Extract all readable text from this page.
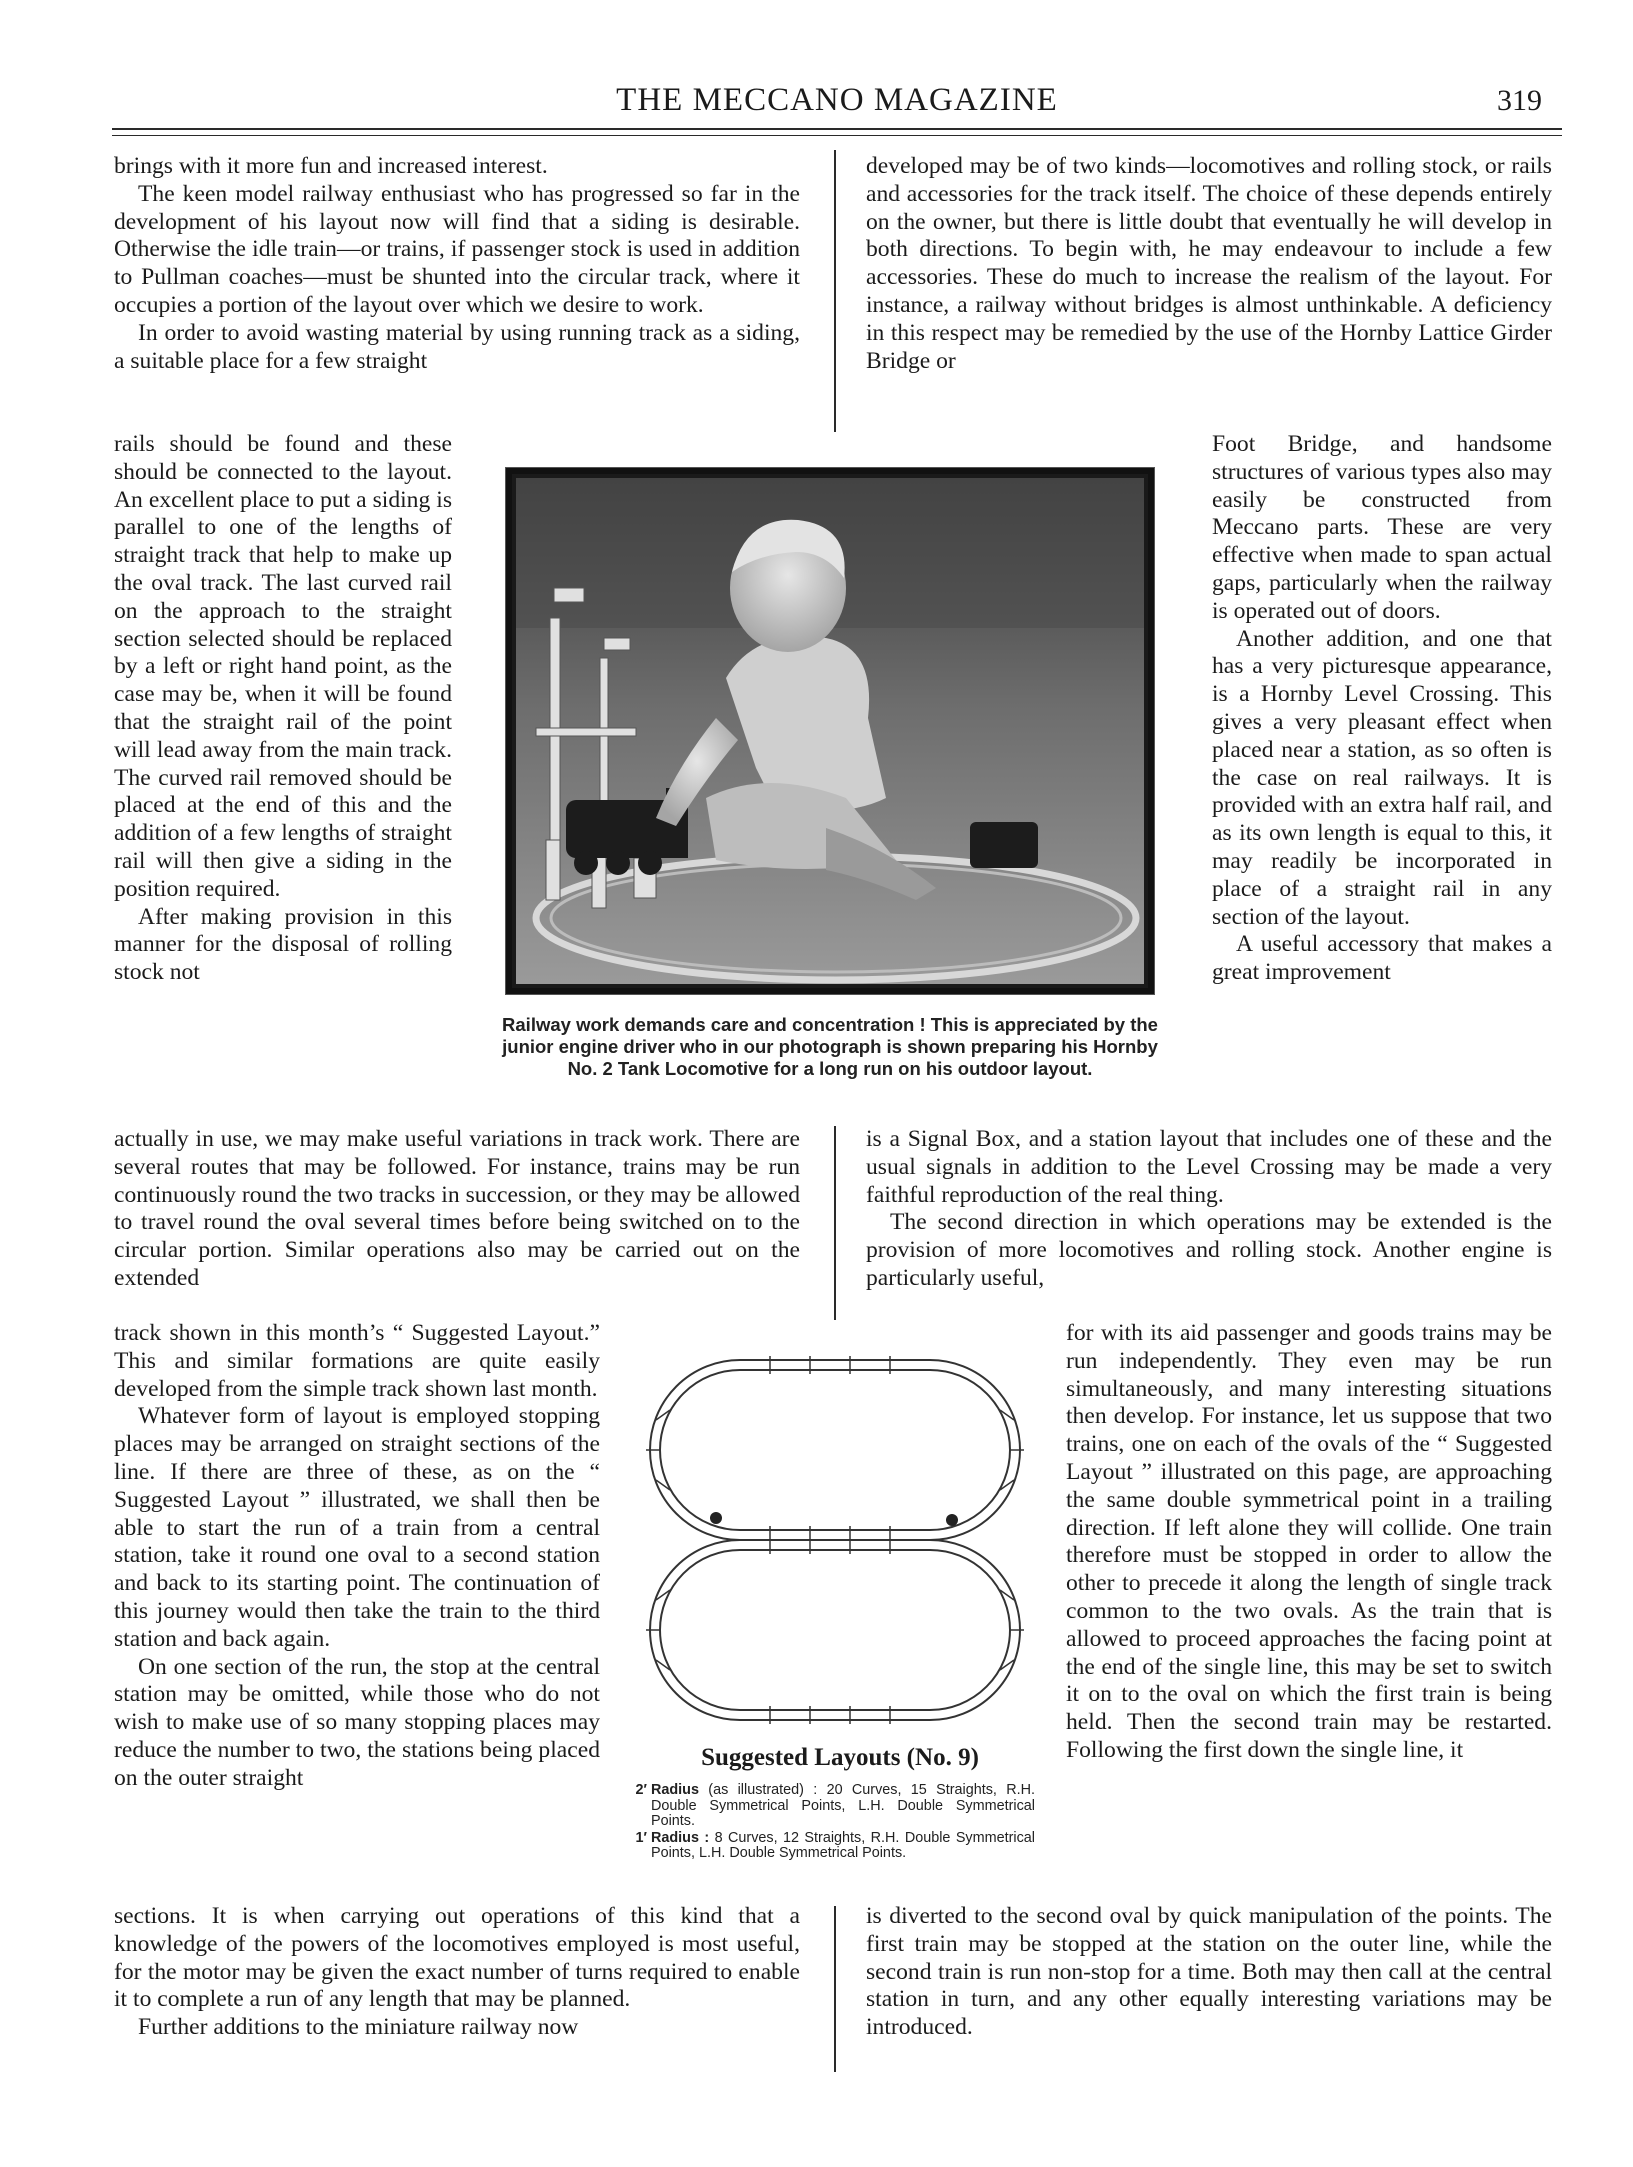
THE MECCANO MAGAZINE	319

brings with it more fun and increased interest.

The keen model railway enthusiast who has progressed so far in the development of his layout now will find that a siding is desirable. Otherwise the idle train—or trains, if passenger stock is used in addition to Pullman coaches—must be shunted into the circular track, where it occupies a portion of the layout over which we desire to work.

In order to avoid wasting material by using running track as a siding, a suitable place for a few straight

rails should be found and these should be connected to the layout. An excellent place to put a siding is parallel to one of the lengths of straight track that help to make up the oval track. The last curved rail on the approach to the straight section selected should be replaced by a left or right hand point, as the case may be, when it will be found that the straight rail of the point will lead away from the main track. The curved rail removed should be placed at the end of this and the addition of a few lengths of straight rail will then give a siding in the position required.

After making provision in this manner for the disposal of rolling stock not

actually in use, we may make useful variations in track work. There are several routes that may be followed. For instance, trains may be run continuously round the two tracks in succession, or they may be allowed to travel round the oval several times before being switched on to the circular portion. Similar operations also may be carried out on the extended

track shown in this month’s “ Suggested Layout.” This and similar formations are quite easily developed from the simple track shown last month.

Whatever form of layout is employed stopping places may be arranged on straight sections of the line. If there are three of these, as on the “ Suggested Layout ” illustrated, we shall then be able to start the run of a train from a central station, take it round one oval to a second station and back to its starting point. The continuation of this journey would then take the train to the third station and back again.

On one section of the run, the stop at the central station may be omitted, while those who do not wish to make use of so many stopping places may reduce the number to two, the stations being placed on the outer straight

sections. It is when carrying out operations of this kind that a knowledge of the powers of the locomotives employed is most useful, for the motor may be given the exact number of turns required to enable it to complete a run of any length that may be planned.

Further additions to the miniature railway now

developed may be of two kinds—locomotives and rolling stock, or rails and accessories for the track itself. The choice of these depends entirely on the owner, but there is little doubt that eventually he will develop in both directions. To begin with, he may endeavour to include a few accessories. These do much to increase the realism of the layout. For instance, a railway without bridges is almost unthinkable. A deficiency in this respect may be remedied by the use of the Hornby Lattice Girder Bridge or

Foot Bridge, and handsome structures of various types also may easily be constructed from Meccano parts. These are very effective when made to span actual gaps, particularly when the railway is operated out of doors.

Another addition, and one that has a very picturesque appearance, is a Hornby Level Crossing. This gives a very pleasant effect when placed near a station, as so often is the case on real railways. It is provided with an extra half rail, and as its own length is equal to this, it may readily be incorporated in place of a straight rail in any section of the layout.

A useful accessory that makes a great improvement

is a Signal Box, and a station layout that includes one of these and the usual signals in addition to the Level Crossing may be made a very faithful reproduction of the real thing.

The second direction in which operations may be extended is the provision of more locomotives and rolling stock. Another engine is particularly useful,

for with its aid passenger and goods trains may be run independently. They even may be run simultaneously, and many interesting situations then develop. For instance, let us suppose that two trains, one on each of the ovals of the “ Suggested Layout ” illustrated on this page, are approaching the same double symmetrical point in a trailing direction. If left alone they will collide. One train therefore must be stopped in order to allow the other to precede it along the length of single track common to the two ovals. As the train that is allowed to proceed approaches the facing point at the end of the single line, this may be set to switch it on to the oval on which the first train is being held. Then the second train may be restarted. Following the first down the single line, it

is diverted to the second oval by quick manipulation of the points. The first train may be stopped at the station on the outer line, while the second train is run non-stop for a time. Both may then call at the central station in turn, and any other equally interesting variations may be introduced.

Railway work demands care and concentration ! This is appreciated by the junior engine driver who in our photograph is shown preparing his Hornby No. 2 Tank Locomotive for a long run on his outdoor layout.
Suggested Layouts (No. 9)
2′ Radius (as illustrated) : 20 Curves, 15 Straights, R.H. Double Symmetrical Points, L.H. Double Symmetrical Points.
1′ Radius : 8 Curves, 12 Straights, R.H. Double Symmetrical Points, L.H. Double Symmetrical Points.
